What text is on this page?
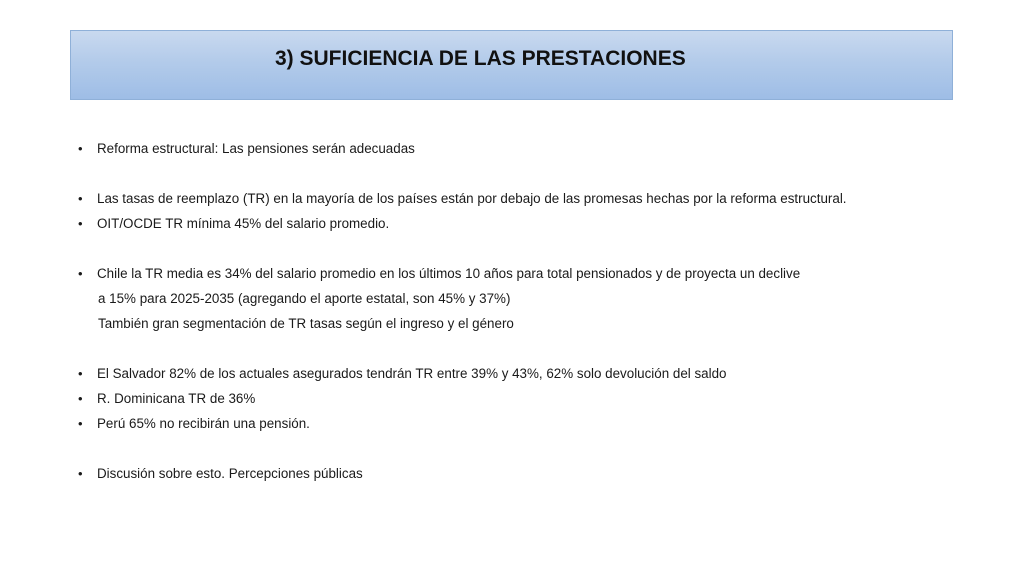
3) SUFICIENCIA DE LAS PRESTACIONES
• Reforma estructural: Las pensiones serán adecuadas
• Las tasas de reemplazo (TR) en la mayoría de los países están por debajo de las promesas hechas por la reforma estructural.
• OIT/OCDE TR mínima 45% del salario promedio.
• Chile la TR media es 34% del salario promedio en los últimos 10 años para total pensionados y de proyecta un declive
a 15% para 2025-2035 (agregando el aporte estatal, son 45% y 37%)
También gran segmentación de TR tasas según el ingreso y el género
• El Salvador 82% de los actuales asegurados tendrán TR entre 39% y 43%, 62% solo devolución del saldo
• R. Dominicana TR de 36%
• Perú 65% no recibirán una pensión.
• Discusión sobre esto. Percepciones públicas
